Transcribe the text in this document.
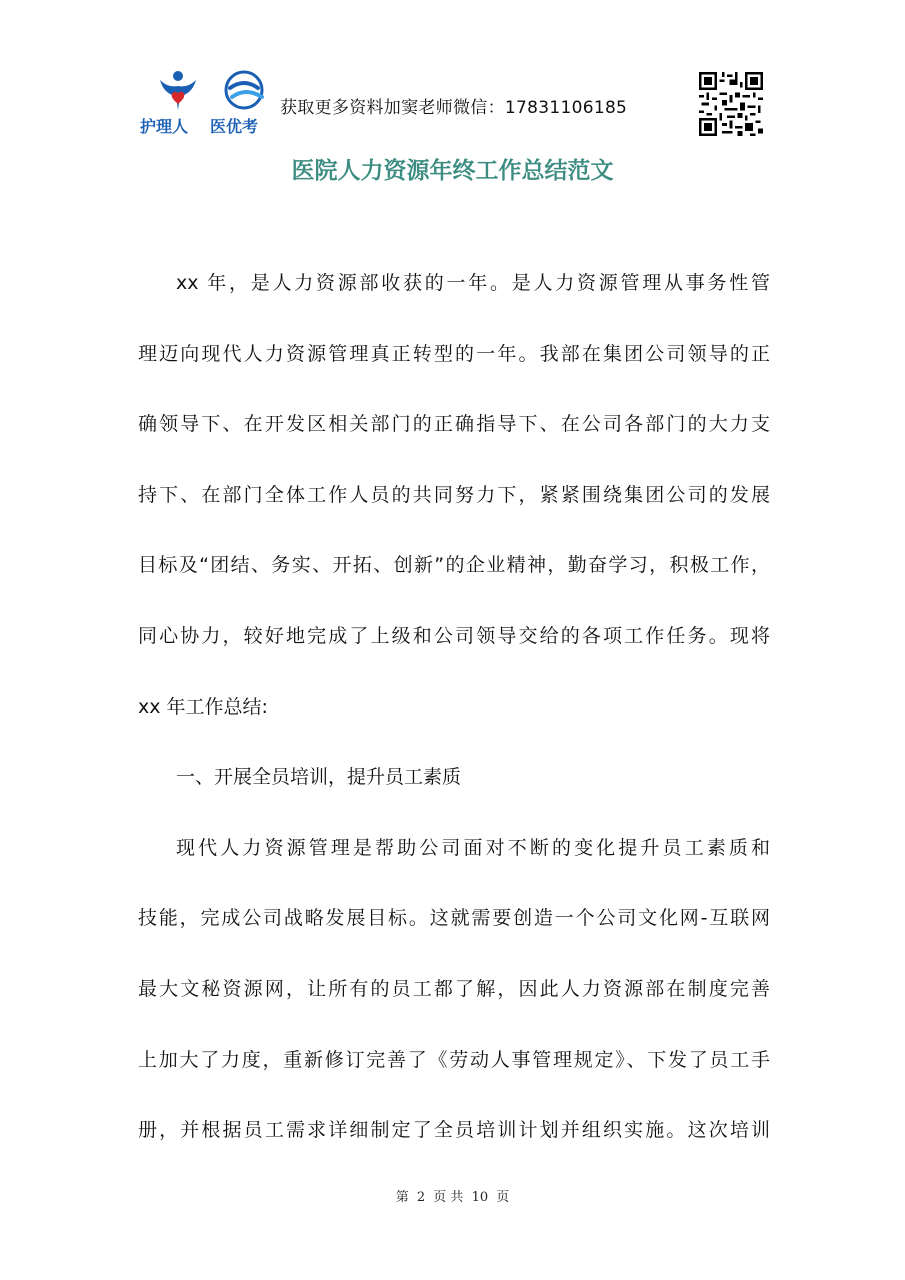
护理人 医优考
获取更多资料加窦老师微信：17831106185
医院人力资源年终工作总结范文
xx 年，是人力资源部收获的一年。是人力资源管理从事务性管
理迈向现代人力资源管理真正转型的一年。我部在集团公司领导的正
确领导下、在开发区相关部门的正确指导下、在公司各部门的大力支
持下、在部门全体工作人员的共同努力下，紧紧围绕集团公司的发展
目标及“团结、务实、开拓、创新”的企业精神，勤奋学习，积极工作，
同心协力，较好地完成了上级和公司领导交给的各项工作任务。现将
xx 年工作总结:
一、开展全员培训，提升员工素质
现代人力资源管理是帮助公司面对不断的变化提升员工素质和
技能，完成公司战略发展目标。这就需要创造一个公司文化网-互联网
最大文秘资源网，让所有的员工都了解，因此人力资源部在制度完善
上加大了力度，重新修订完善了《劳动人事管理规定》、下发了员工手
册，并根据员工需求详细制定了全员培训计划并组织实施。这次培训
第 2 页 共 10 页
